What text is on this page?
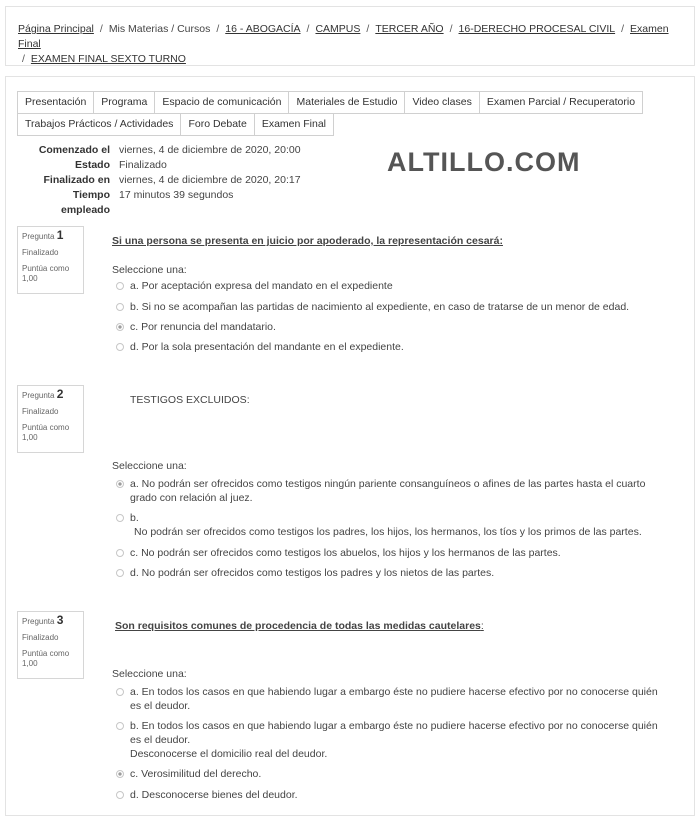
Página Principal / Mis Materias / Cursos / 16 - ABOGACÍA / CAMPUS / TERCER AÑO / 16-DERECHO PROCESAL CIVIL / Examen Final
/ EXAMEN FINAL SEXTO TURNO
Presentación	Programa	Espacio de comunicación	Materiales de Estudio	Video clases	Examen Parcial / Recuperatorio
Trabajos Prácticos / Actividades	Foro Debate	Examen Final
Comenzado el viernes, 4 de diciembre de 2020, 20:00
Estado Finalizado
Finalizado en viernes, 4 de diciembre de 2020, 20:17
Tiempo
empleado
17 minutos 39 segundos
ALTILLO.COM
Pregunta 1
Finalizado
Puntúa como
1,00
Si una persona se presenta en juicio por apoderado, la representación cesará:
Seleccione una:
a. Por aceptación expresa del mandato en el expediente
b. Si no se acompañan las partidas de nacimiento al expediente, en caso de tratarse de un menor de edad.
c. Por renuncia del mandatario.
d. Por la sola presentación del mandante en el expediente.
Pregunta 2
Finalizado
Puntúa como
1,00
TESTIGOS EXCLUIDOS:
Seleccione una:
a. No podrán ser ofrecidos como testigos ningún pariente consanguíneos o afines de las partes hasta el cuarto
grado con relación al juez.
b.
No podrán ser ofrecidos como testigos los padres, los hijos, los hermanos, los tíos y los primos de las partes.
c. No podrán ser ofrecidos como testigos los abuelos, los hijos y los hermanos de las partes.
d. No podrán ser ofrecidos como testigos los padres y los nietos de las partes.
Pregunta 3
Finalizado
Puntúa como
1,00
Son requisitos comunes de procedencia de todas las medidas cautelares:
Seleccione una:
a. En todos los casos en que habiendo lugar a embargo éste no pudiere hacerse efectivo por no conocerse quién
es el deudor.
b. En todos los casos en que habiendo lugar a embargo éste no pudiere hacerse efectivo por no conocerse quién
es el deudor.
Desconocerse el domicilio real del deudor.
c. Verosimilitud del derecho.
d. Desconocerse bienes del deudor.
